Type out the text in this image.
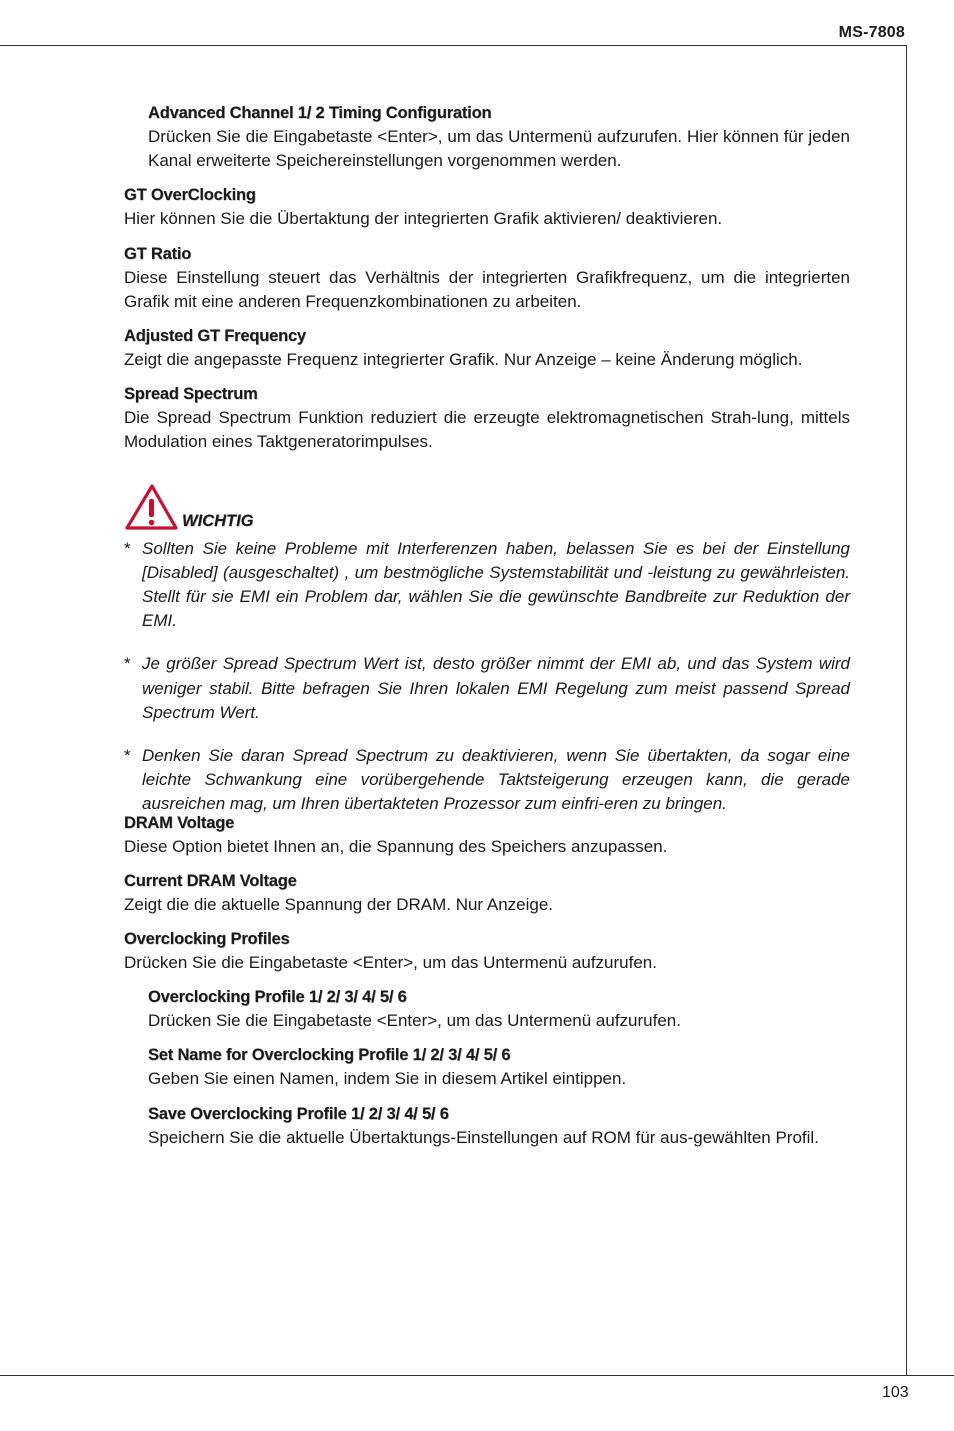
MS-7808
103
Advanced Channel 1/ 2 Timing Configuration

Drücken Sie die Eingabetaste <Enter>, um das Untermenü aufzurufen. Hier können für jeden Kanal erweiterte Speichereinstellungen vorgenommen werden.

GT OverClocking

Hier können Sie die Übertaktung der integrierten Grafik aktivieren/ deaktivieren.

GT Ratio

Diese Einstellung steuert das Verhältnis der integrierten Grafikfrequenz, um die integrierten Grafik mit eine anderen Frequenzkombinationen zu arbeiten.

Adjusted GT Frequency

Zeigt die angepasste Frequenz integrierter Grafik. Nur Anzeige – keine Änderung möglich.

Spread Spectrum

Die Spread Spectrum Funktion reduziert die erzeugte elektromagnetischen Strah-lung, mittels Modulation eines Taktgeneratorimpulses.

WICHTIG
* Sollten Sie keine Probleme mit Interferenzen haben, belassen Sie es bei der Einstellung [Disabled] (ausgeschaltet) , um bestmögliche Systemstabilität und -leistung zu gewährleisten. Stellt für sie EMI ein Problem dar, wählen Sie die gewünschte Bandbreite zur Reduktion der EMI.

* Je größer Spread Spectrum Wert ist, desto größer nimmt der EMI ab, und das System wird weniger stabil. Bitte befragen Sie Ihren lokalen EMI Regelung zum meist passend Spread Spectrum Wert.

* Denken Sie daran Spread Spectrum zu deaktivieren, wenn Sie übertakten, da sogar eine leichte Schwankung eine vorübergehende Taktsteigerung erzeugen kann, die gerade ausreichen mag, um Ihren übertakteten Prozessor zum einfri-eren zu bringen.

DRAM Voltage

Diese Option bietet Ihnen an, die Spannung des Speichers anzupassen.

Current DRAM Voltage

Zeigt die die aktuelle Spannung der DRAM. Nur Anzeige.

Overclocking Profiles

Drücken Sie die Eingabetaste <Enter>, um das Untermenü aufzurufen.

Overclocking Profile 1/ 2/ 3/ 4/ 5/ 6

Drücken Sie die Eingabetaste <Enter>, um das Untermenü aufzurufen.

Set Name for Overclocking Profile 1/ 2/ 3/ 4/ 5/ 6

Geben Sie einen Namen, indem Sie in diesem Artikel eintippen.

Save Overclocking Profile 1/ 2/ 3/ 4/ 5/ 6

Speichern Sie die aktuelle Übertaktungs-Einstellungen auf ROM für aus-gewählten Profil.
